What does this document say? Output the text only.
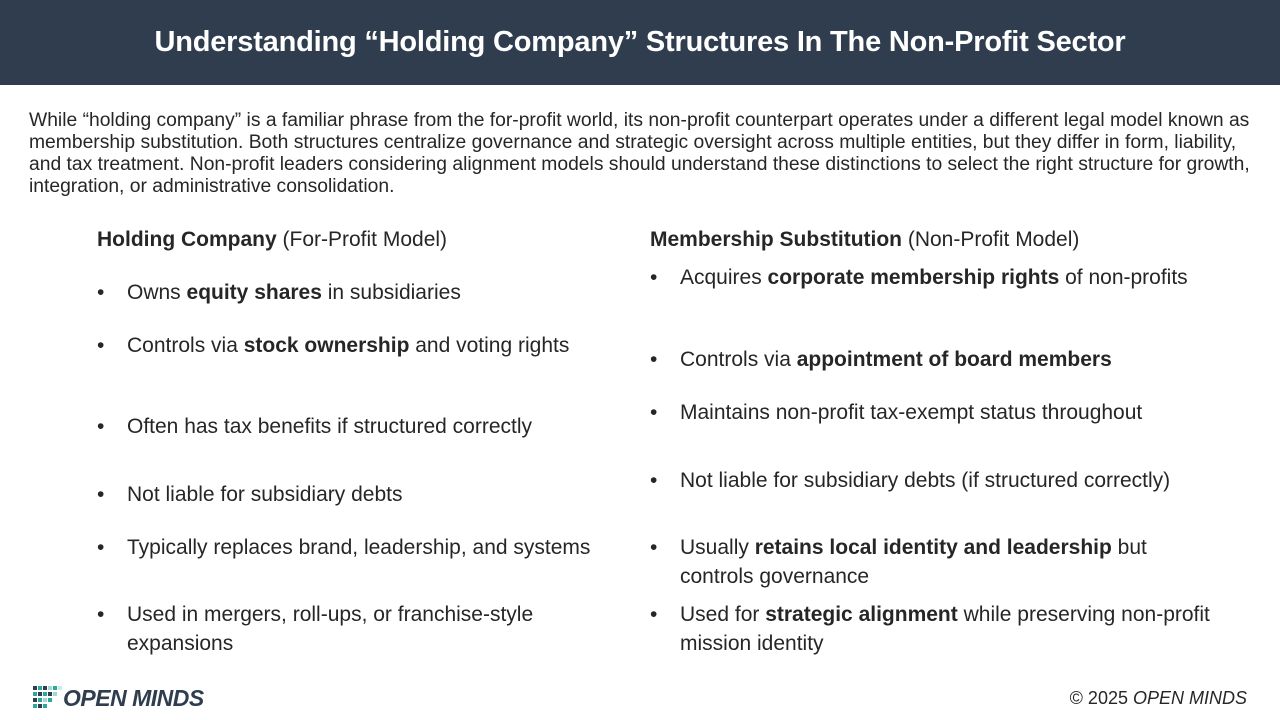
Understanding “Holding Company” Structures In The Non-Profit Sector

While “holding company” is a familiar phrase from the for-profit world, its non-profit counterpart operates under a different legal model known as membership substitution. Both structures centralize governance and strategic oversight across multiple entities, but they differ in form, liability, and tax treatment. Non-profit leaders considering alignment models should understand these distinctions to select the right structure for growth, integration, or administrative consolidation.

Holding Company (For-Profit Model)

•	Owns equity shares in subsidiaries
•	Controls via stock ownership and voting rights
•	Often has tax benefits if structured correctly
•	Not liable for subsidiary debts
•	Typically replaces brand, leadership, and systems
•	Used in mergers, roll-ups, or franchise-style expansions

Membership Substitution (Non-Profit Model)

•	Acquires corporate membership rights of non-profits
•	Controls via appointment of board members
•	Maintains non-profit tax-exempt status throughout
•	Not liable for subsidiary debts (if structured correctly)
•	Usually retains local identity and leadership but controls governance
•	Used for strategic alignment while preserving non-profit mission identity
OPEN MINDS	© 2025 OPEN MINDS
